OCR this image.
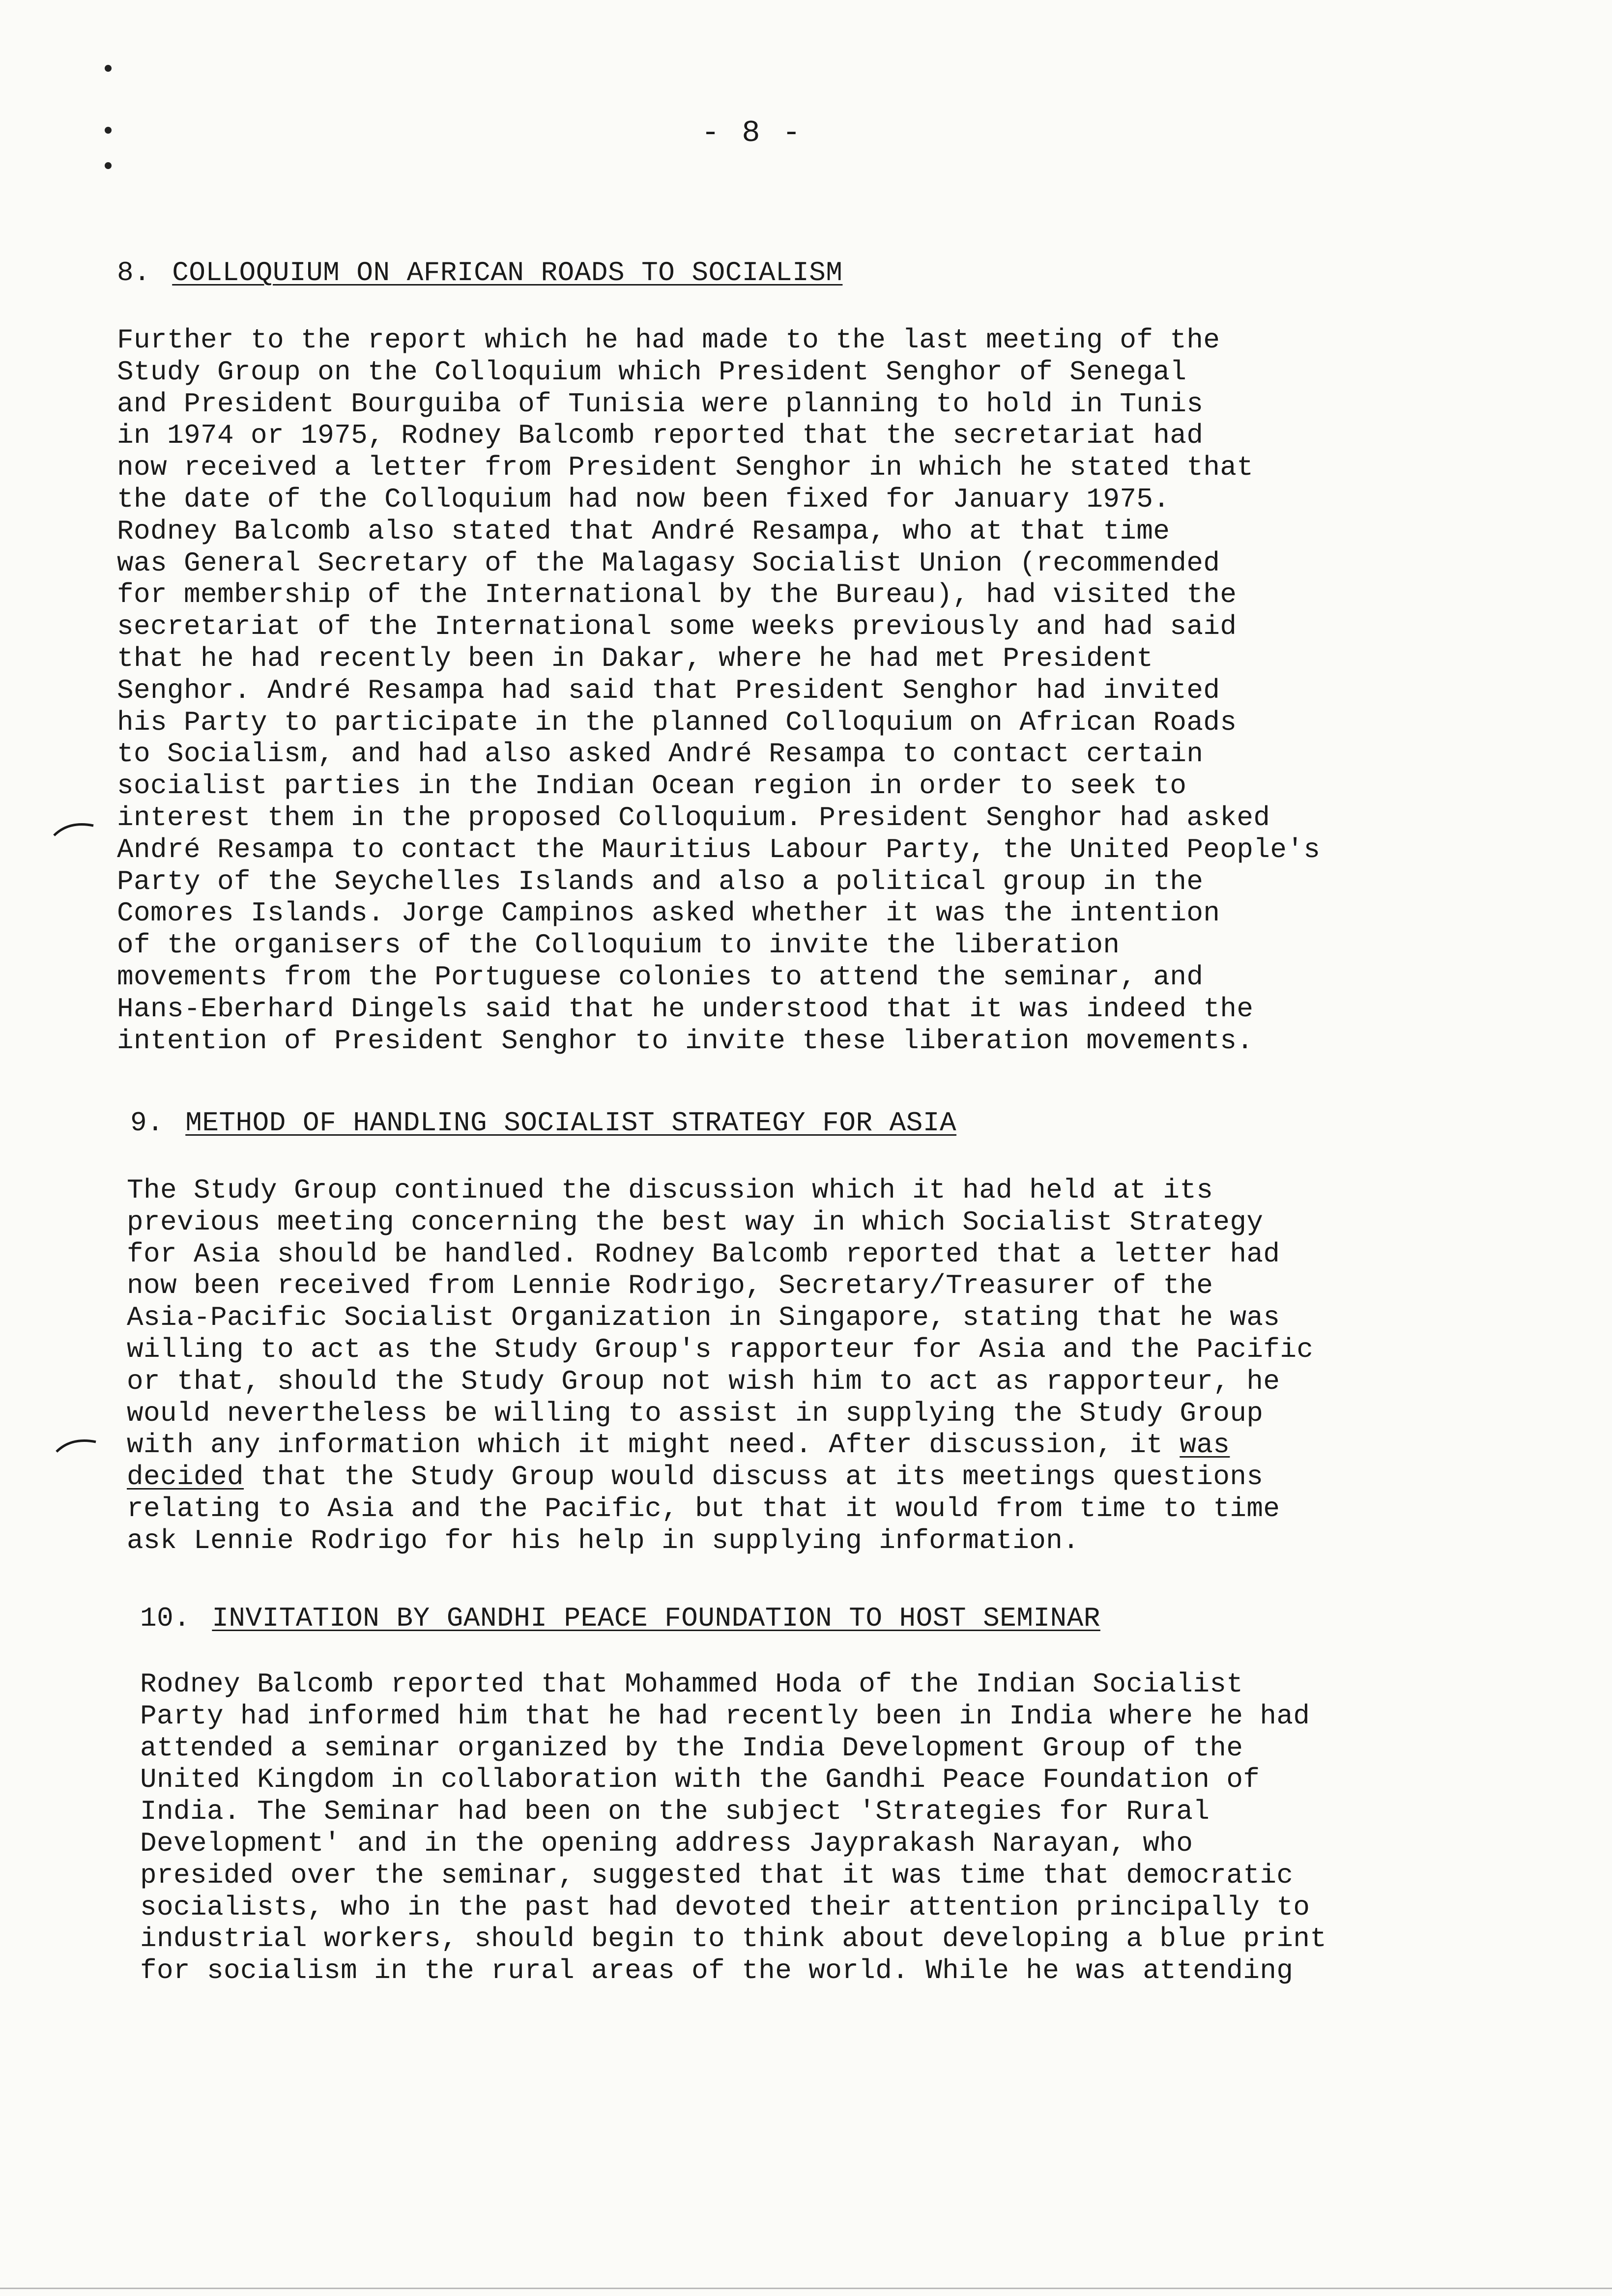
- 8 -
8. COLLOQUIUM ON AFRICAN ROADS TO SOCIALISM
Further to the report which he had made to the last meeting of the
Study Group on the Colloquium which President Senghor of Senegal
and President Bourguiba of Tunisia were planning to hold in Tunis
in 1974 or 1975, Rodney Balcomb reported that the secretariat had
now received a letter from President Senghor in which he stated that
the date of the Colloquium had now been fixed for January 1975.
Rodney Balcomb also stated that André Resampa, who at that time
was General Secretary of the Malagasy Socialist Union (recommended
for membership of the International by the Bureau), had visited the
secretariat of the International some weeks previously and had said
that he had recently been in Dakar, where he had met President
Senghor. André Resampa had said that President Senghor had invited
his Party to participate in the planned Colloquium on African Roads
to Socialism, and had also asked André Resampa to contact certain
socialist parties in the Indian Ocean region in order to seek to
interest them in the proposed Colloquium. President Senghor had asked
André Resampa to contact the Mauritius Labour Party, the United People's
Party of the Seychelles Islands and also a political group in the
Comores Islands. Jorge Campinos asked whether it was the intention
of the organisers of the Colloquium to invite the liberation
movements from the Portuguese colonies to attend the seminar, and
Hans-Eberhard Dingels said that he understood that it was indeed the
intention of President Senghor to invite these liberation movements.
9. METHOD OF HANDLING SOCIALIST STRATEGY FOR ASIA
The Study Group continued the discussion which it had held at its
previous meeting concerning the best way in which Socialist Strategy
for Asia should be handled. Rodney Balcomb reported that a letter had
now been received from Lennie Rodrigo, Secretary/Treasurer of the
Asia-Pacific Socialist Organization in Singapore, stating that he was
willing to act as the Study Group's rapporteur for Asia and the Pacific
or that, should the Study Group not wish him to act as rapporteur, he
would nevertheless be willing to assist in supplying the Study Group
with any information which it might need. After discussion, it was
decided that the Study Group would discuss at its meetings questions
relating to Asia and the Pacific, but that it would from time to time
ask Lennie Rodrigo for his help in supplying information.
10. INVITATION BY GANDHI PEACE FOUNDATION TO HOST SEMINAR
Rodney Balcomb reported that Mohammed Hoda of the Indian Socialist
Party had informed him that he had recently been in India where he had
attended a seminar organized by the India Development Group of the
United Kingdom in collaboration with the Gandhi Peace Foundation of
India. The Seminar had been on the subject 'Strategies for Rural
Development' and in the opening address Jayprakash Narayan, who
presided over the seminar, suggested that it was time that democratic
socialists, who in the past had devoted their attention principally to
industrial workers, should begin to think about developing a blue print
for socialism in the rural areas of the world. While he was attending
